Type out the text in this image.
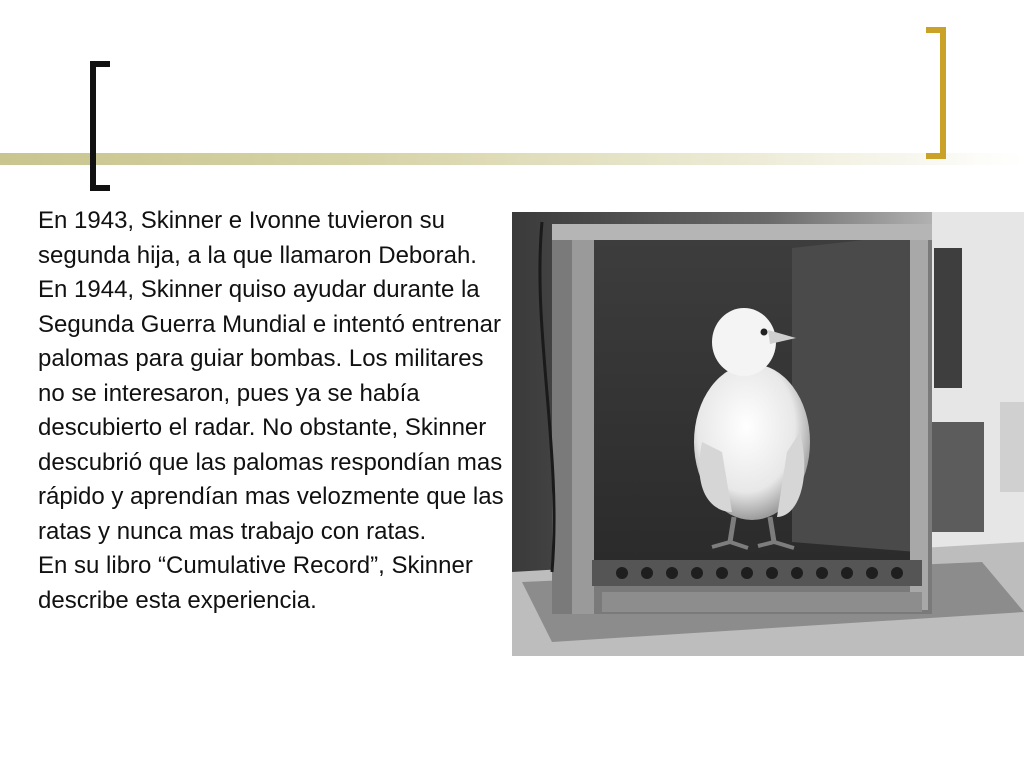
En 1943, Skinner e Ivonne tuvieron su segunda hija, a la que llamaron Deborah. En 1944, Skinner quiso ayudar durante la Segunda Guerra Mundial e intentó entrenar palomas para guiar bombas. Los militares no se interesaron, pues ya se había descubierto el radar. No obstante, Skinner descubrió que las palomas respondían mas rápido y aprendían mas velozmente que las ratas y nunca mas trabajo con ratas.

En su libro “Cumulative Record”, Skinner describe esta experiencia.
